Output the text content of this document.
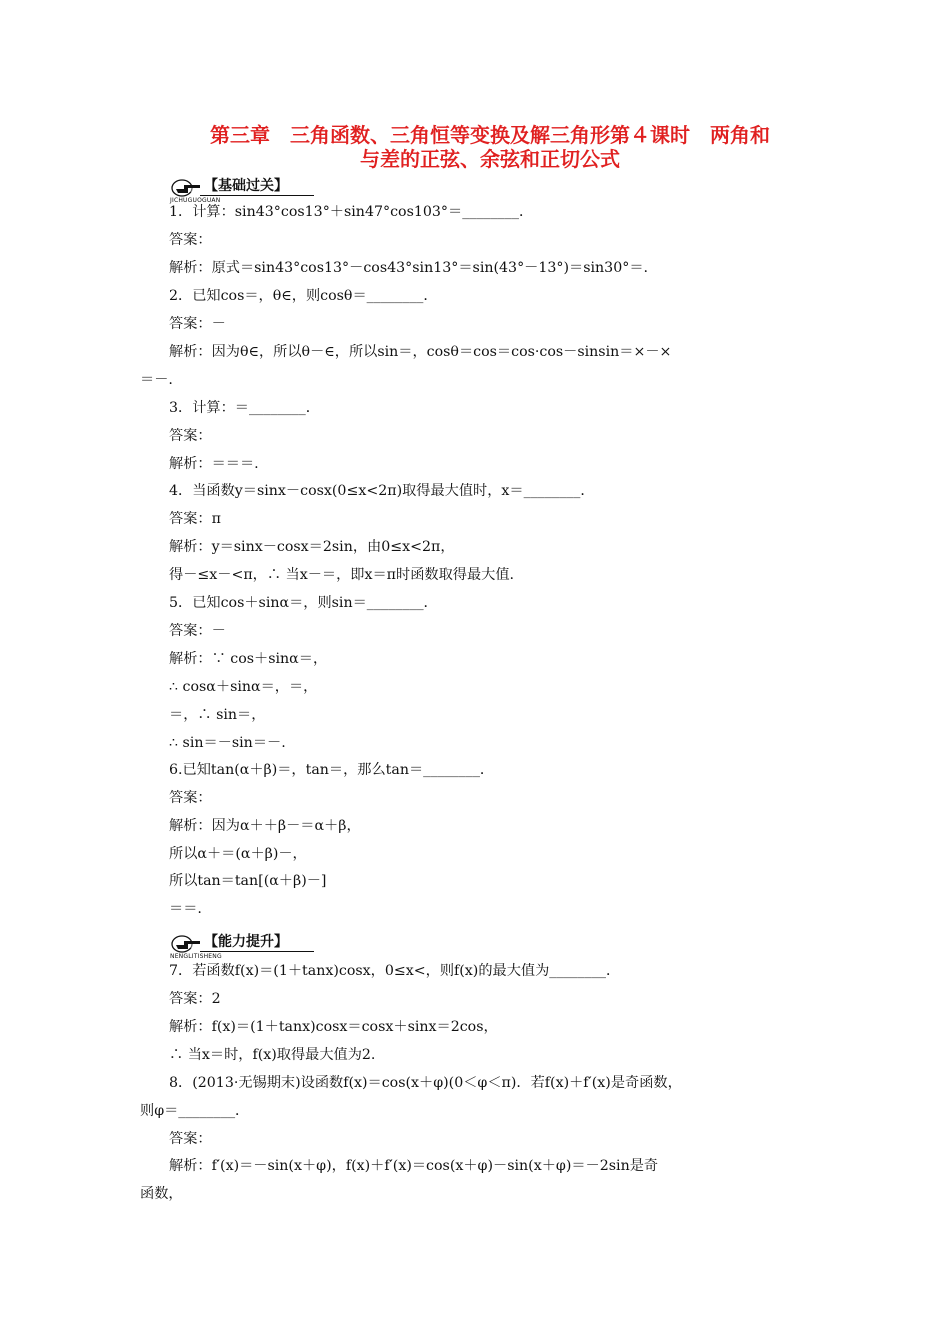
第三章　三角函数、三角恒等变换及解三角形第４课时　两角和
与差的正弦、余弦和正切公式
【基础过关】
JICHUGUOGUAN
1．计算：sin43°cos13°＋sin47°cos103°＝________．
答案：
解析：原式＝sin43°cos13°－cos43°sin13°＝sin(43°－13°)＝sin30°＝.
2．已知cos＝，θ∈，则cosθ＝________．
答案：－
解析：因为θ∈，所以θ－∈，所以sin＝，cosθ＝cos＝cos·cos－sinsin＝×－×
＝－.
3．计算：＝________．
答案：
解析：＝＝＝.
4．当函数y＝sinx－cosx(0≤x<2π)取得最大值时，x＝________．
答案：π
解析：y＝sinx－cosx＝2sin，由0≤x<2π，
得－≤x－<π，∴ 当x－＝，即x＝π时函数取得最大值.
5．已知cos＋sinα＝，则sin＝________．
答案：－
解析：∵ cos＋sinα＝，
∴ cosα＋sinα＝，＝，
＝，∴ sin＝，
∴ sin＝－sin＝－.
6.已知tan(α＋β)＝，tan＝，那么tan＝________．
答案：
解析：因为α＋＋β－＝α＋β，
所以α＋＝(α＋β)－，
所以tan＝tan[(α＋β)－]
＝＝.
【能力提升】
NENGLITISHENG
7．若函数f(x)＝(1＋tanx)cosx，0≤x<，则f(x)的最大值为________．
答案：2
解析：f(x)＝(1＋tanx)cosx＝cosx＋sinx＝2cos，
∴ 当x＝时，f(x)取得最大值为2.
8．(2013·无锡期末)设函数f(x)＝cos(x＋φ)(0＜φ＜π)．若f(x)＋f′(x)是奇函数，
则φ＝________．
答案：
解析：f′(x)＝－sin(x＋φ)，f(x)＋f′(x)＝cos(x＋φ)－sin(x＋φ)＝－2sin是奇
函数，
